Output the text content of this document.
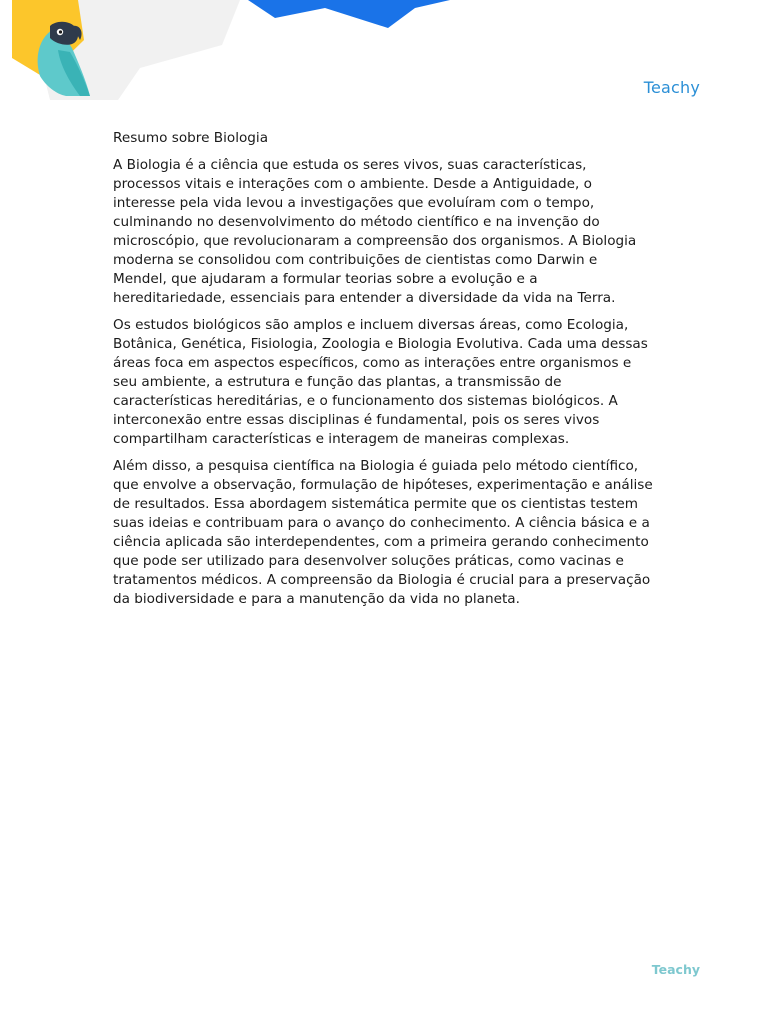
Teachy
Resumo sobre Biologia

A Biologia é a ciência que estuda os seres vivos, suas características, processos vitais e interações com o ambiente. Desde a Antiguidade, o interesse pela vida levou a investigações que evoluíram com o tempo, culminando no desenvolvimento do método científico e na invenção do microscópio, que revolucionaram a compreensão dos organismos. A Biologia moderna se consolidou com contribuições de cientistas como Darwin e Mendel, que ajudaram a formular teorias sobre a evolução e a hereditariedade, essenciais para entender a diversidade da vida na Terra.

Os estudos biológicos são amplos e incluem diversas áreas, como Ecologia, Botânica, Genética, Fisiologia, Zoologia e Biologia Evolutiva. Cada uma dessas áreas foca em aspectos específicos, como as interações entre organismos e seu ambiente, a estrutura e função das plantas, a transmissão de características hereditárias, e o funcionamento dos sistemas biológicos. A interconexão entre essas disciplinas é fundamental, pois os seres vivos compartilham características e interagem de maneiras complexas.

Além disso, a pesquisa científica na Biologia é guiada pelo método científico, que envolve a observação, formulação de hipóteses, experimentação e análise de resultados. Essa abordagem sistemática permite que os cientistas testem suas ideias e contribuam para o avanço do conhecimento. A ciência básica e a ciência aplicada são interdependentes, com a primeira gerando conhecimento que pode ser utilizado para desenvolver soluções práticas, como vacinas e tratamentos médicos. A compreensão da Biologia é crucial para a preservação da biodiversidade e para a manutenção da vida no planeta.

Teachy
